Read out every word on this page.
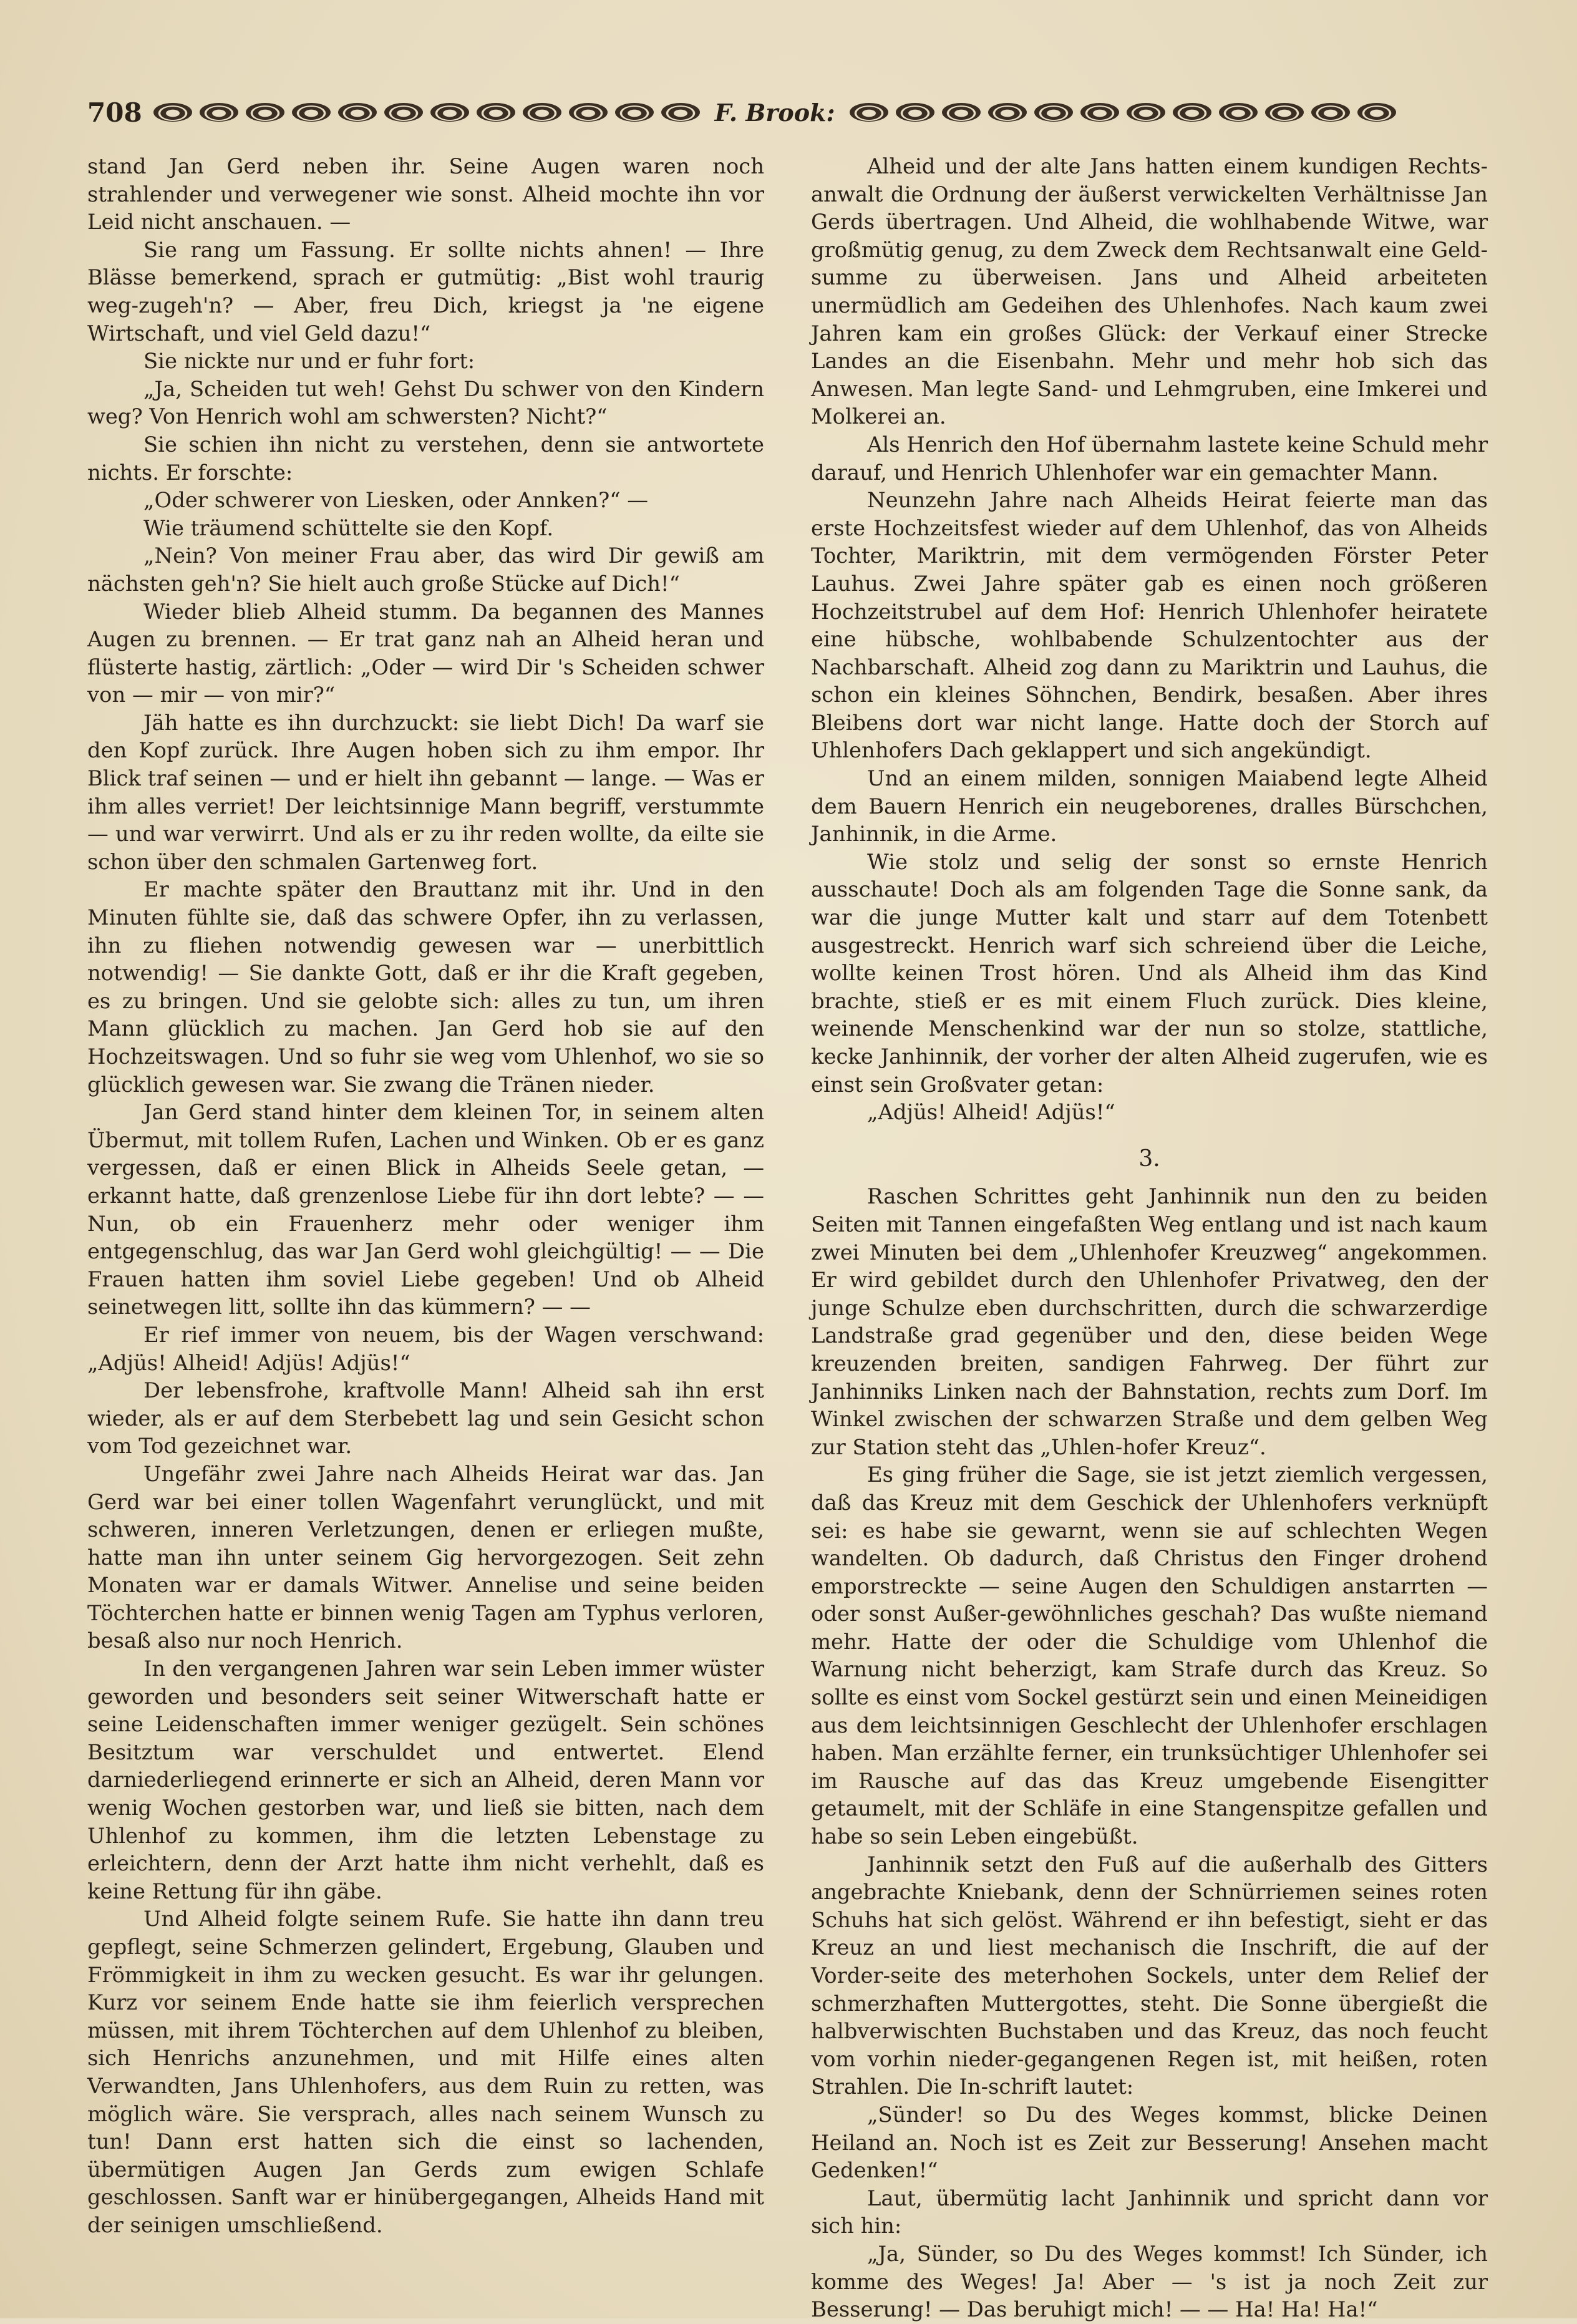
708	F. Brook:

stand Jan Gerd neben ihr. Seine Augen waren noch strahlender und verwegener wie sonst. Alheid mochte ihn vor Leid nicht anschauen. —

Sie rang um Fassung. Er sollte nichts ahnen! — Ihre Blässe bemerkend, sprach er gutmütig: „Bist wohl traurig weg-zugeh'n? — Aber, freu Dich, kriegst ja 'ne eigene Wirtschaft, und viel Geld dazu!“

Sie nickte nur und er fuhr fort:

„Ja, Scheiden tut weh! Gehst Du schwer von den Kindern weg? Von Henrich wohl am schwersten? Nicht?“

Sie schien ihn nicht zu verstehen, denn sie antwortete nichts. Er forschte:

„Oder schwerer von Liesken, oder Annken?“ —

Wie träumend schüttelte sie den Kopf.

„Nein? Von meiner Frau aber, das wird Dir gewiß am nächsten geh'n? Sie hielt auch große Stücke auf Dich!“

Wieder blieb Alheid stumm. Da begannen des Mannes Augen zu brennen. — Er trat ganz nah an Alheid heran und flüsterte hastig, zärtlich: „Oder — wird Dir 's Scheiden schwer von — mir — von mir?“

Jäh hatte es ihn durchzuckt: sie liebt Dich! Da warf sie den Kopf zurück. Ihre Augen hoben sich zu ihm empor. Ihr Blick traf seinen — und er hielt ihn gebannt — lange. — Was er ihm alles verriet! Der leichtsinnige Mann begriff, verstummte — und war verwirrt. Und als er zu ihr reden wollte, da eilte sie schon über den schmalen Gartenweg fort.

Er machte später den Brauttanz mit ihr. Und in den Minuten fühlte sie, daß das schwere Opfer, ihn zu verlassen, ihn zu fliehen notwendig gewesen war — unerbittlich notwendig! — Sie dankte Gott, daß er ihr die Kraft gegeben, es zu bringen. Und sie gelobte sich: alles zu tun, um ihren Mann glücklich zu machen. Jan Gerd hob sie auf den Hochzeitswagen. Und so fuhr sie weg vom Uhlenhof, wo sie so glücklich gewesen war. Sie zwang die Tränen nieder.

Jan Gerd stand hinter dem kleinen Tor, in seinem alten Übermut, mit tollem Rufen, Lachen und Winken. Ob er es ganz vergessen, daß er einen Blick in Alheids Seele getan, — erkannt hatte, daß grenzenlose Liebe für ihn dort lebte? — — Nun, ob ein Frauenherz mehr oder weniger ihm entgegenschlug, das war Jan Gerd wohl gleichgültig! — — Die Frauen hatten ihm soviel Liebe gegeben! Und ob Alheid seinetwegen litt, sollte ihn das kümmern? — —

Er rief immer von neuem, bis der Wagen verschwand: „Adjüs! Alheid! Adjüs! Adjüs!“

Der lebensfrohe, kraftvolle Mann! Alheid sah ihn erst wieder, als er auf dem Sterbebett lag und sein Gesicht schon vom Tod gezeichnet war.

Ungefähr zwei Jahre nach Alheids Heirat war das. Jan Gerd war bei einer tollen Wagenfahrt verunglückt, und mit schweren, inneren Verletzungen, denen er erliegen mußte, hatte man ihn unter seinem Gig hervorgezogen. Seit zehn Monaten war er damals Witwer. Annelise und seine beiden Töchterchen hatte er binnen wenig Tagen am Typhus verloren, besaß also nur noch Henrich.

In den vergangenen Jahren war sein Leben immer wüster geworden und besonders seit seiner Witwerschaft hatte er seine Leidenschaften immer weniger gezügelt. Sein schönes Besitztum war verschuldet und entwertet. Elend darniederliegend erinnerte er sich an Alheid, deren Mann vor wenig Wochen gestorben war, und ließ sie bitten, nach dem Uhlenhof zu kommen, ihm die letzten Lebenstage zu erleichtern, denn der Arzt hatte ihm nicht verhehlt, daß es keine Rettung für ihn gäbe.

Und Alheid folgte seinem Rufe. Sie hatte ihn dann treu gepflegt, seine Schmerzen gelindert, Ergebung, Glauben und Frömmigkeit in ihm zu wecken gesucht. Es war ihr gelungen. Kurz vor seinem Ende hatte sie ihm feierlich versprechen müssen, mit ihrem Töchterchen auf dem Uhlenhof zu bleiben, sich Henrichs anzunehmen, und mit Hilfe eines alten Verwandten, Jans Uhlenhofers, aus dem Ruin zu retten, was möglich wäre. Sie versprach, alles nach seinem Wunsch zu tun! Dann erst hatten sich die einst so lachenden, übermütigen Augen Jan Gerds zum ewigen Schlafe geschlossen. Sanft war er hinübergegangen, Alheids Hand mit der seinigen umschließend.

Alheid und der alte Jans hatten einem kundigen Rechts-anwalt die Ordnung der äußerst verwickelten Verhältnisse Jan Gerds übertragen. Und Alheid, die wohlhabende Witwe, war großmütig genug, zu dem Zweck dem Rechtsanwalt eine Geld-summe zu überweisen. Jans und Alheid arbeiteten unermüdlich am Gedeihen des Uhlenhofes. Nach kaum zwei Jahren kam ein großes Glück: der Verkauf einer Strecke Landes an die Eisenbahn. Mehr und mehr hob sich das Anwesen. Man legte Sand- und Lehmgruben, eine Imkerei und Molkerei an.

Als Henrich den Hof übernahm lastete keine Schuld mehr darauf, und Henrich Uhlenhofer war ein gemachter Mann.

Neunzehn Jahre nach Alheids Heirat feierte man das erste Hochzeitsfest wieder auf dem Uhlenhof, das von Alheids Tochter, Mariktrin, mit dem vermögenden Förster Peter Lauhus. Zwei Jahre später gab es einen noch größeren Hochzeitstrubel auf dem Hof: Henrich Uhlenhofer heiratete eine hübsche, wohlbabende Schulzentochter aus der Nachbarschaft. Alheid zog dann zu Mariktrin und Lauhus, die schon ein kleines Söhnchen, Bendirk, besaßen. Aber ihres Bleibens dort war nicht lange. Hatte doch der Storch auf Uhlenhofers Dach geklappert und sich angekündigt.

Und an einem milden, sonnigen Maiabend legte Alheid dem Bauern Henrich ein neugeborenes, dralles Bürschchen, Janhinnik, in die Arme.

Wie stolz und selig der sonst so ernste Henrich ausschaute! Doch als am folgenden Tage die Sonne sank, da war die junge Mutter kalt und starr auf dem Totenbett ausgestreckt. Henrich warf sich schreiend über die Leiche, wollte keinen Trost hören. Und als Alheid ihm das Kind brachte, stieß er es mit einem Fluch zurück. Dies kleine, weinende Menschenkind war der nun so stolze, stattliche, kecke Janhinnik, der vorher der alten Alheid zugerufen, wie es einst sein Großvater getan:

„Adjüs! Alheid! Adjüs!“

3.

Raschen Schrittes geht Janhinnik nun den zu beiden Seiten mit Tannen eingefaßten Weg entlang und ist nach kaum zwei Minuten bei dem „Uhlenhofer Kreuzweg“ angekommen. Er wird gebildet durch den Uhlenhofer Privatweg, den der junge Schulze eben durchschritten, durch die schwarzerdige Landstraße grad gegenüber und den, diese beiden Wege kreuzenden breiten, sandigen Fahrweg. Der führt zur Janhinniks Linken nach der Bahnstation, rechts zum Dorf. Im Winkel zwischen der schwarzen Straße und dem gelben Weg zur Station steht das „Uhlen-hofer Kreuz“.

Es ging früher die Sage, sie ist jetzt ziemlich vergessen, daß das Kreuz mit dem Geschick der Uhlenhofers verknüpft sei: es habe sie gewarnt, wenn sie auf schlechten Wegen wandelten. Ob dadurch, daß Christus den Finger drohend emporstreckte — seine Augen den Schuldigen anstarrten — oder sonst Außer-gewöhnliches geschah? Das wußte niemand mehr. Hatte der oder die Schuldige vom Uhlenhof die Warnung nicht beherzigt, kam Strafe durch das Kreuz. So sollte es einst vom Sockel gestürzt sein und einen Meineidigen aus dem leichtsinnigen Geschlecht der Uhlenhofer erschlagen haben. Man erzählte ferner, ein trunksüchtiger Uhlenhofer sei im Rausche auf das das Kreuz umgebende Eisengitter getaumelt, mit der Schläfe in eine Stangenspitze gefallen und habe so sein Leben eingebüßt.

Janhinnik setzt den Fuß auf die außerhalb des Gitters angebrachte Kniebank, denn der Schnürriemen seines roten Schuhs hat sich gelöst. Während er ihn befestigt, sieht er das Kreuz an und liest mechanisch die Inschrift, die auf der Vorder-seite des meterhohen Sockels, unter dem Relief der schmerzhaften Muttergottes, steht. Die Sonne übergießt die halbverwischten Buchstaben und das Kreuz, das noch feucht vom vorhin nieder-gegangenen Regen ist, mit heißen, roten Strahlen. Die In-schrift lautet:

„Sünder! so Du des Weges kommst, blicke Deinen Heiland an. Noch ist es Zeit zur Besserung! Ansehen macht Gedenken!“

Laut, übermütig lacht Janhinnik und spricht dann vor sich hin:

„Ja, Sünder, so Du des Weges kommst! Ich Sünder, ich komme des Weges! Ja! Aber — 's ist ja noch Zeit zur Besserung! — Das beruhigt mich! — — Ha! Ha! Ha!“
